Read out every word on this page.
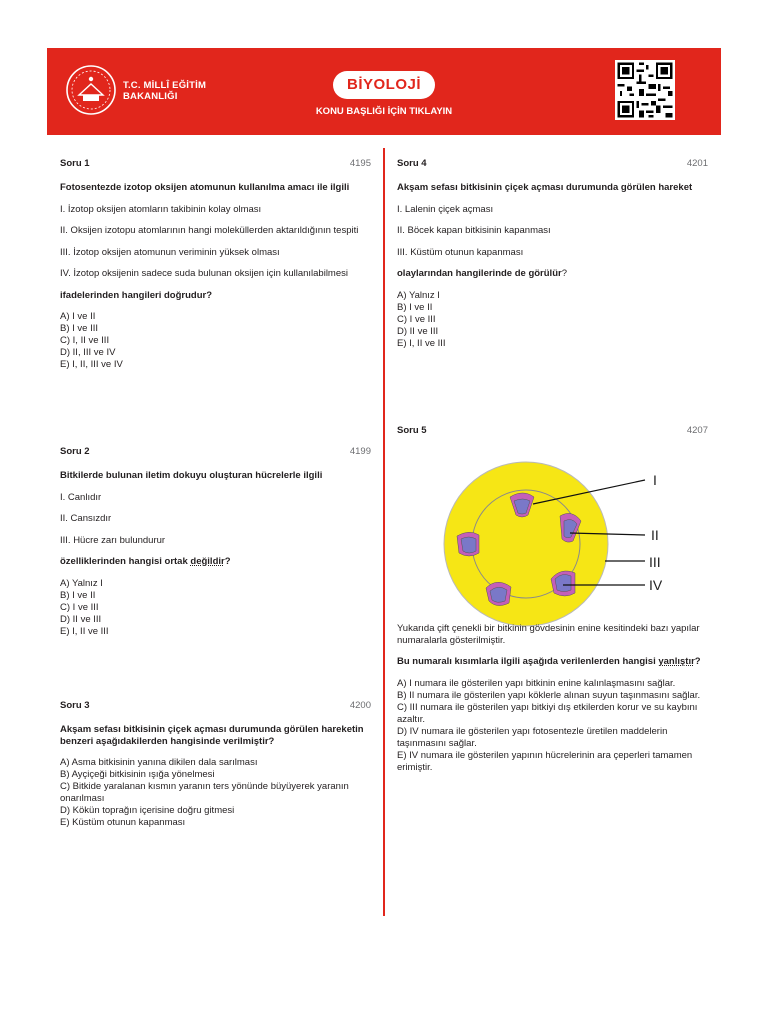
T.C. MİLLÎ EĞİTİM
BAKANLIĞI
BİYOLOJİ
KONU BAŞLIĞI İÇİN TIKLAYIN
Soru 1	4195

Fotosentezde izotop oksijen atomunun kullanılma amacı ile ilgili

I. İzotop oksijen atomların takibinin kolay olması

II. Oksijen izotopu atomlarının hangi moleküllerden aktarıldığının tespiti

III. İzotop oksijen atomunun veriminin yüksek olması

IV. İzotop oksijenin sadece suda bulunan oksijen için kullanılabilmesi

ifadelerinden hangileri doğrudur?

A) I ve II
B) I ve III
C) I, II ve III
D) II, III ve IV
E) I, II, III ve IV
Soru 2	4199

Bitkilerde bulunan iletim dokuyu oluşturan hücrelerle ilgili

I. Canlıdır

II. Cansızdır

III. Hücre zarı bulundurur

özelliklerinden hangisi ortak değildir?

A) Yalnız I
B) I ve II
C) I ve III
D) II ve III
E) I, II ve III
Soru 3	4200

Akşam sefası bitkisinin çiçek açması durumunda görülen hareketin benzeri aşağıdakilerden hangisinde verilmiştir?

A) Asma bitkisinin yanına dikilen dala sarılması
B) Ayçiçeği bitkisinin ışığa yönelmesi
C) Bitkide yaralanan kısmın yaranın ters yönünde büyüyerek yaranın onarılması
D) Kökün toprağın içerisine doğru gitmesi
E) Küstüm otunun kapanması
Soru 4	4201

Akşam sefası bitkisinin çiçek açması durumunda görülen hareket

I. Lalenin çiçek açması

II. Böcek kapan bitkisinin kapanması

III. Küstüm otunun kapanması

olaylarından hangilerinde de görülür?

A) Yalnız I
B) I ve II
C) I ve III
D) II ve III
E) I, II ve III
Soru 5	4207
I
II
III
IV

Yukarıda çift çenekli bir bitkinin gövdesinin enine kesitindeki bazı yapılar numaralarla gösterilmiştir.

Bu numaralı kısımlarla ilgili aşağıda verilenlerden hangisi yanlıştır?

A) I numara ile gösterilen yapı bitkinin enine kalınlaşmasını sağlar.
B) II numara ile gösterilen yapı köklerle alınan suyun taşınmasını sağlar.
C) III numara ile gösterilen yapı bitkiyi dış etkilerden korur ve su kaybını azaltır.
D) IV numara ile gösterilen yapı fotosentezle üretilen maddelerin taşınmasını sağlar.
E) IV numara ile gösterilen yapının hücrelerinin ara çeperleri tamamen erimiştir.
